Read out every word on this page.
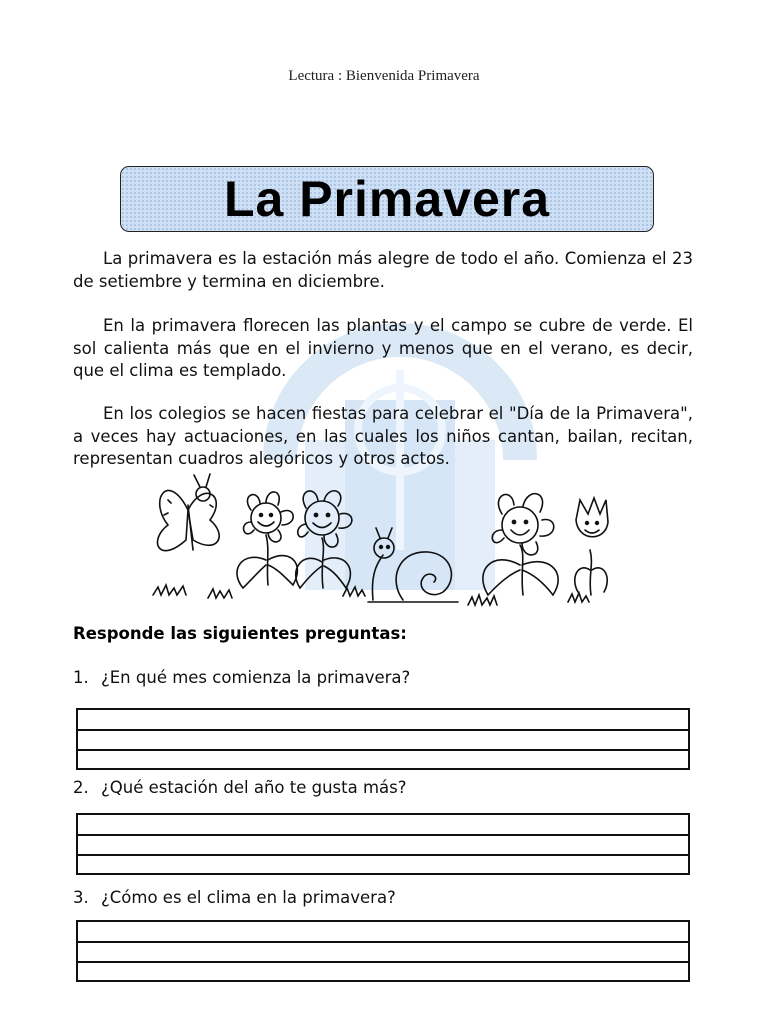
Lectura : Bienvenida Primavera
La Primavera

La primavera es la estación más alegre de todo el año. Comienza el 23 de setiembre y termina en diciembre.

En la primavera florecen las plantas y el campo se cubre de verde. El sol calienta más que en el invierno y menos que en el verano, es decir, que el clima es templado.

En los colegios se hacen fiestas para celebrar el "Día de la Primavera", a veces hay actuaciones, en las cuales los niños cantan, bailan, recitan, representan cuadros alegóricos y otros actos.

Responde las siguientes preguntas:
1. ¿En qué mes comienza la primavera?
2. ¿Qué estación del año te gusta más?
3. ¿Cómo es el clima en la primavera?
